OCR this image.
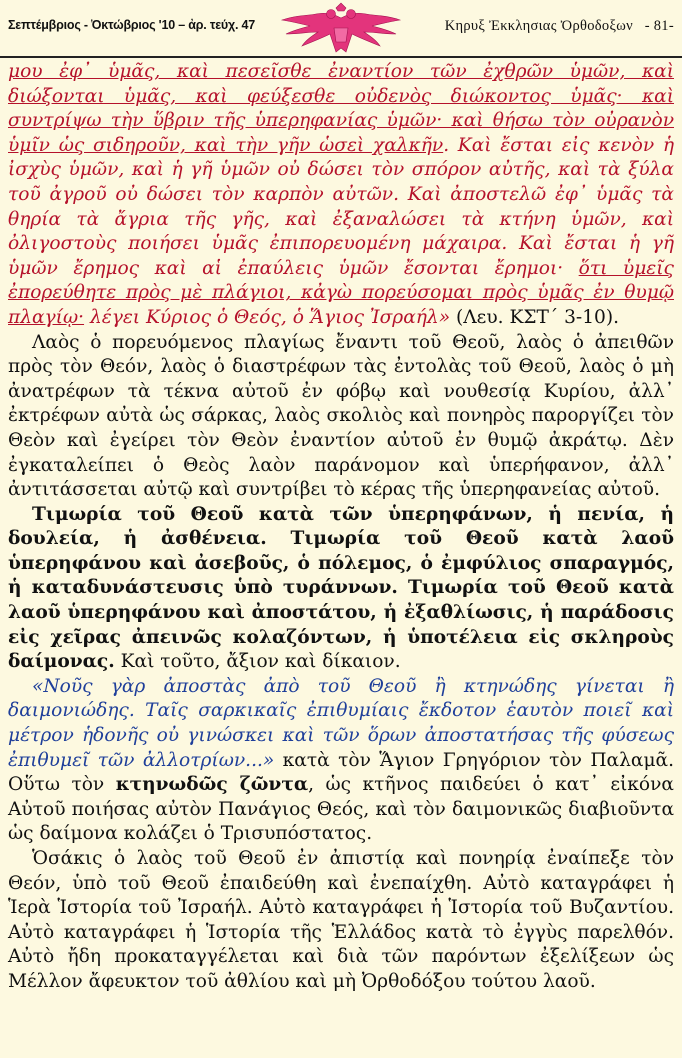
Σεπτέμβριος - Ὀκτώβριος '10 – ἀρ. τεύχ. 47	Κηρυξ Ἐκκλησιας Ὀρθοδοξων - 81-

μου ἐφ᾽ ὑμᾶς, καὶ πεσεῖσθε ἐναντίον τῶν ἐχθρῶν ὑμῶν, καὶ διώξονται ὑμᾶς, καὶ φεύξεσθε οὐδενὸς διώκοντος ὑμᾶς· καὶ συντρίψω τὴν ὕβριν τῆς ὑπερηφανίας ὑμῶν· καὶ θήσω τὸν οὐρανὸν ὑμῖν ὡς σιδηροῦν, καὶ τὴν γῆν ὡσεὶ χαλκῆν. Καὶ ἔσται εἰς κενὸν ἡ ἰσχὺς ὑμῶν, καὶ ἡ γῆ ὑμῶν οὐ δώσει τὸν σπόρον αὐτῆς, καὶ τὰ ξύλα τοῦ ἀγροῦ οὐ δώσει τὸν καρπὸν αὐτῶν. Καὶ ἀποστελῶ ἐφ᾽ ὑμᾶς τὰ θηρία τὰ ἄγρια τῆς γῆς, καὶ ἐξαναλώσει τὰ κτήνη ὑμῶν, καὶ ὀλιγοστοὺς ποιήσει ὑμᾶς ἐπιπορευομένη μάχαιρα. Καὶ ἔσται ἡ γῆ ὑμῶν ἔρημος καὶ αἱ ἐπαύλεις ὑμῶν ἔσονται ἔρημοι· ὅτι ὑμεῖς ἐπορεύθητε πρὸς μὲ πλάγιοι, κἀγὼ πορεύσομαι πρὸς ὑμᾶς ἐν θυμῷ πλαγίῳ· λέγει Κύριος ὁ Θεός, ὁ Ἅγιος Ἰσραήλ» (Λευ. ΚΣΤ´ 3-10).

Λαὸς ὁ πορευόμενος πλαγίως ἔναντι τοῦ Θεοῦ, λαὸς ὁ ἀπειθῶν πρὸς τὸν Θεόν, λαὸς ὁ διαστρέφων τὰς ἐντολὰς τοῦ Θεοῦ, λαὸς ὁ μὴ ἀνατρέφων τὰ τέκνα αὐτοῦ ἐν φόβῳ καὶ νουθεσίᾳ Κυρίου, ἀλλ᾽ ἐκτρέφων αὐτὰ ὡς σάρκας, λαὸς σκολιὸς καὶ πονηρὸς παροργίζει τὸν Θεὸν καὶ ἐγείρει τὸν Θεὸν ἐναντίον αὐτοῦ ἐν θυμῷ ἀκράτῳ. Δὲν ἐγκαταλείπει ὁ Θεὸς λαὸν παράνομον καὶ ὑπερήφανον, ἀλλ᾽ ἀντιτάσσεται αὐτῷ καὶ συντρίβει τὸ κέρας τῆς ὑπερηφανείας αὐτοῦ.

Τιμωρία τοῦ Θεοῦ κατὰ τῶν ὑπερηφάνων, ἡ πενία, ἡ δουλεία, ἡ ἀσθένεια. Τιμωρία τοῦ Θεοῦ κατὰ λαοῦ ὑπερηφάνου καὶ ἀσεβοῦς, ὁ πόλεμος, ὁ ἐμφύλιος σπαραγμός, ἡ καταδυνάστευσις ὑπὸ τυράννων. Τιμωρία τοῦ Θεοῦ κατὰ λαοῦ ὑπερηφάνου καὶ ἀποστάτου, ἡ ἐξαθλίωσις, ἡ παράδοσις εἰς χεῖρας ἀπεινῶς κολαζόντων, ἡ ὑποτέλεια εἰς σκληροὺς δαίμονας. Καὶ τοῦτο, ἄξιον καὶ δίκαιον.

«Νοῦς γὰρ ἀποστὰς ἀπὸ τοῦ Θεοῦ ἢ κτηνώδης γίνεται ἢ δαιμονιώδης. Ταῖς σαρκικαῖς ἐπιθυμίαις ἔκδοτον ἑαυτὸν ποιεῖ καὶ μέτρον ἡδονῆς οὐ γινώσκει καὶ τῶν ὅρων ἀποστατήσας τῆς φύσεως ἐπιθυμεῖ τῶν ἀλλοτρίων...» κατὰ τὸν Ἅγιον Γρηγόριον τὸν Παλαμᾶ. Οὕτω τὸν κτηνωδῶς ζῶντα, ὡς κτῆνος παιδεύει ὁ κατ᾽ εἰκόνα Αὐτοῦ ποιήσας αὐτὸν Πανάγιος Θεός, καὶ τὸν δαιμονικῶς διαβιοῦντα ὡς δαίμονα κολάζει ὁ Τρισυπόστατος.

Ὁσάκις ὁ λαὸς τοῦ Θεοῦ ἐν ἀπιστίᾳ καὶ πονηρίᾳ ἐναίπεξε τὸν Θεόν, ὑπὸ τοῦ Θεοῦ ἐπαιδεύθη καὶ ἐνεπαίχθη. Αὐτὸ καταγράφει ἡ Ἱερὰ Ἱστορία τοῦ Ἰσραήλ. Αὐτὸ καταγράφει ἡ Ἱστορία τοῦ Βυζαντίου. Αὐτὸ καταγράφει ἡ Ἱστορία τῆς Ἑλλάδος κατὰ τὸ ἐγγὺς παρελθόν. Αὐτὸ ἤδη προκαταγγέλεται καὶ διὰ τῶν παρόντων ἐξελίξεων ὡς Μέλλον ἄφευκτον τοῦ ἀθλίου καὶ μὴ Ὀρθοδόξου τούτου λαοῦ.
